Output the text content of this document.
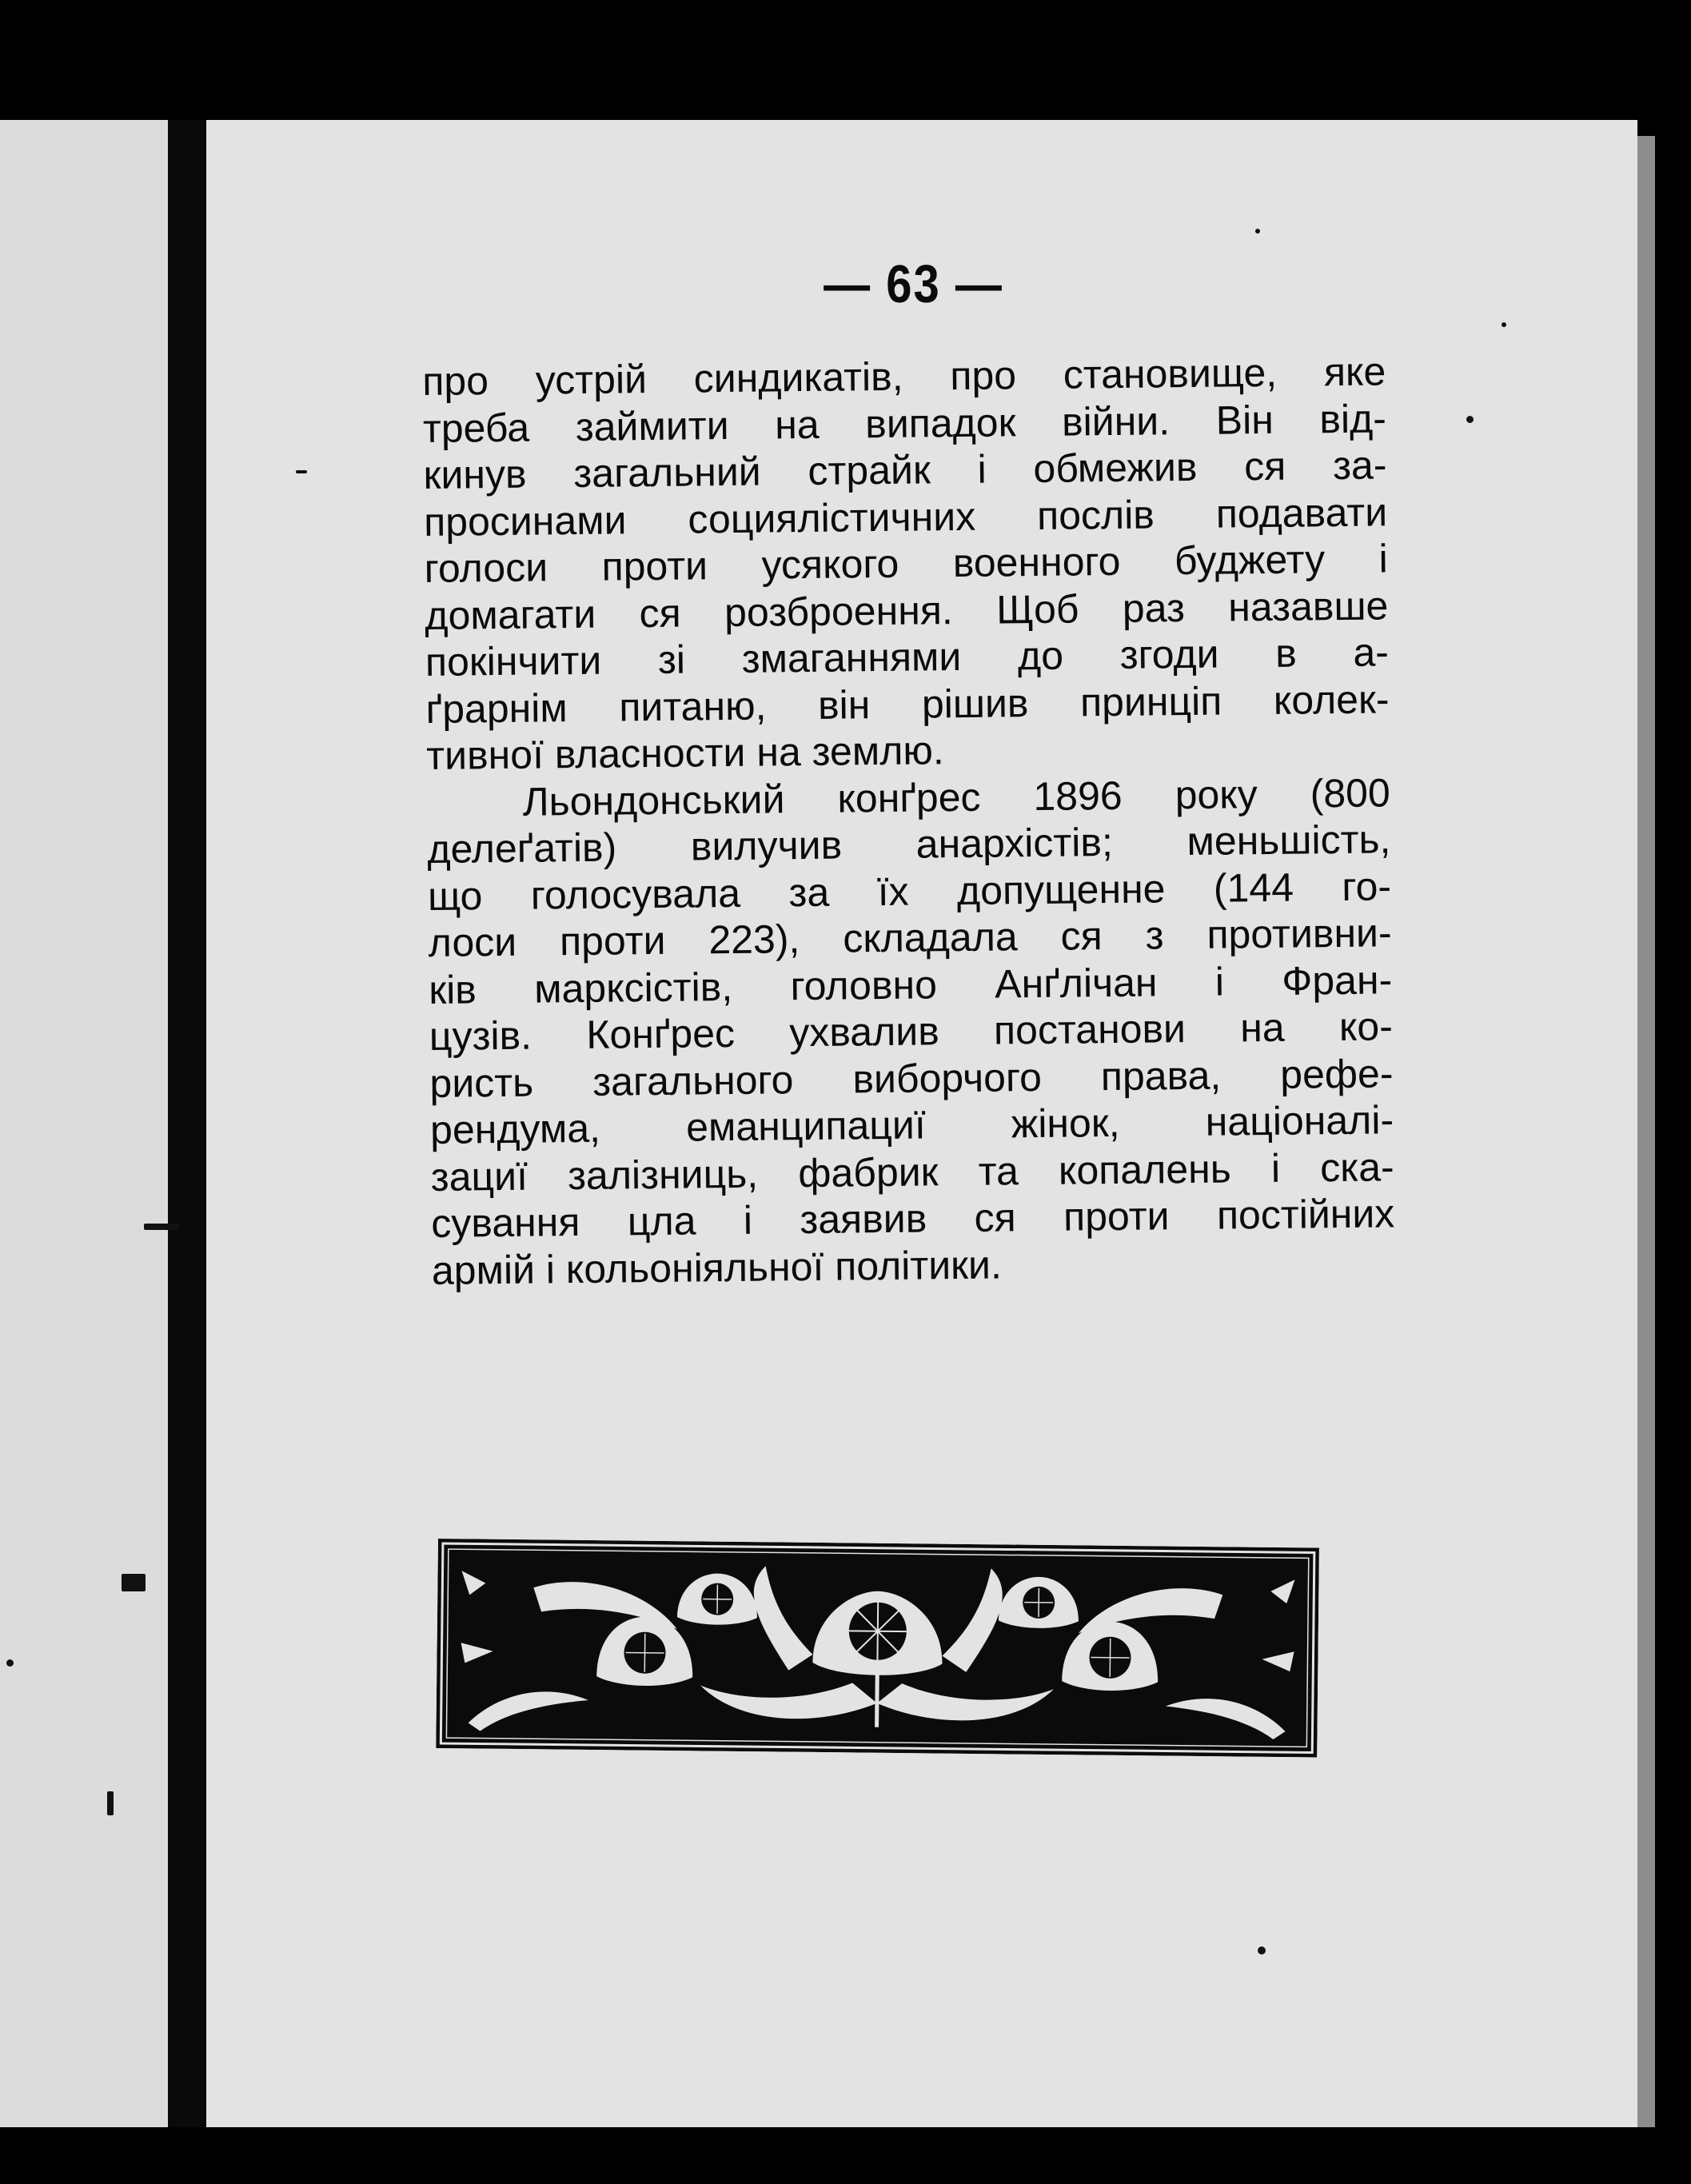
— 63 —
про устрій синдикатів, про становище, яке
треба займити на випадок війни. Він від-
кинув загальний страйк і обмежив ся за-
просинами социялістичних послів подавати
голоси проти усякого военного буджету і
домагати ся розброення. Щоб раз назавше
покінчити зі змаганнями до згоди в а-
ґрарнім питаню, він рішив принціп колек-
тивної власности на землю.
Льондонський конґрес 1896 року (800
делеґатів) вилучив анархістів; меньшість,
що голосувала за їх допущенне (144 го-
лоси проти 223), складала ся з противни-
ків марксістів, головно Анґлічан і Фран-
цузів. Конґрес ухвалив постанови на ко-
ристь загального виборчого права, рефе-
рендума, еманципациї жінок, націоналі-
зациї залізниць, фабрик та копалень і ска-
сування цла і заявив ся проти постійних
армій і кольоніяльної політики.
